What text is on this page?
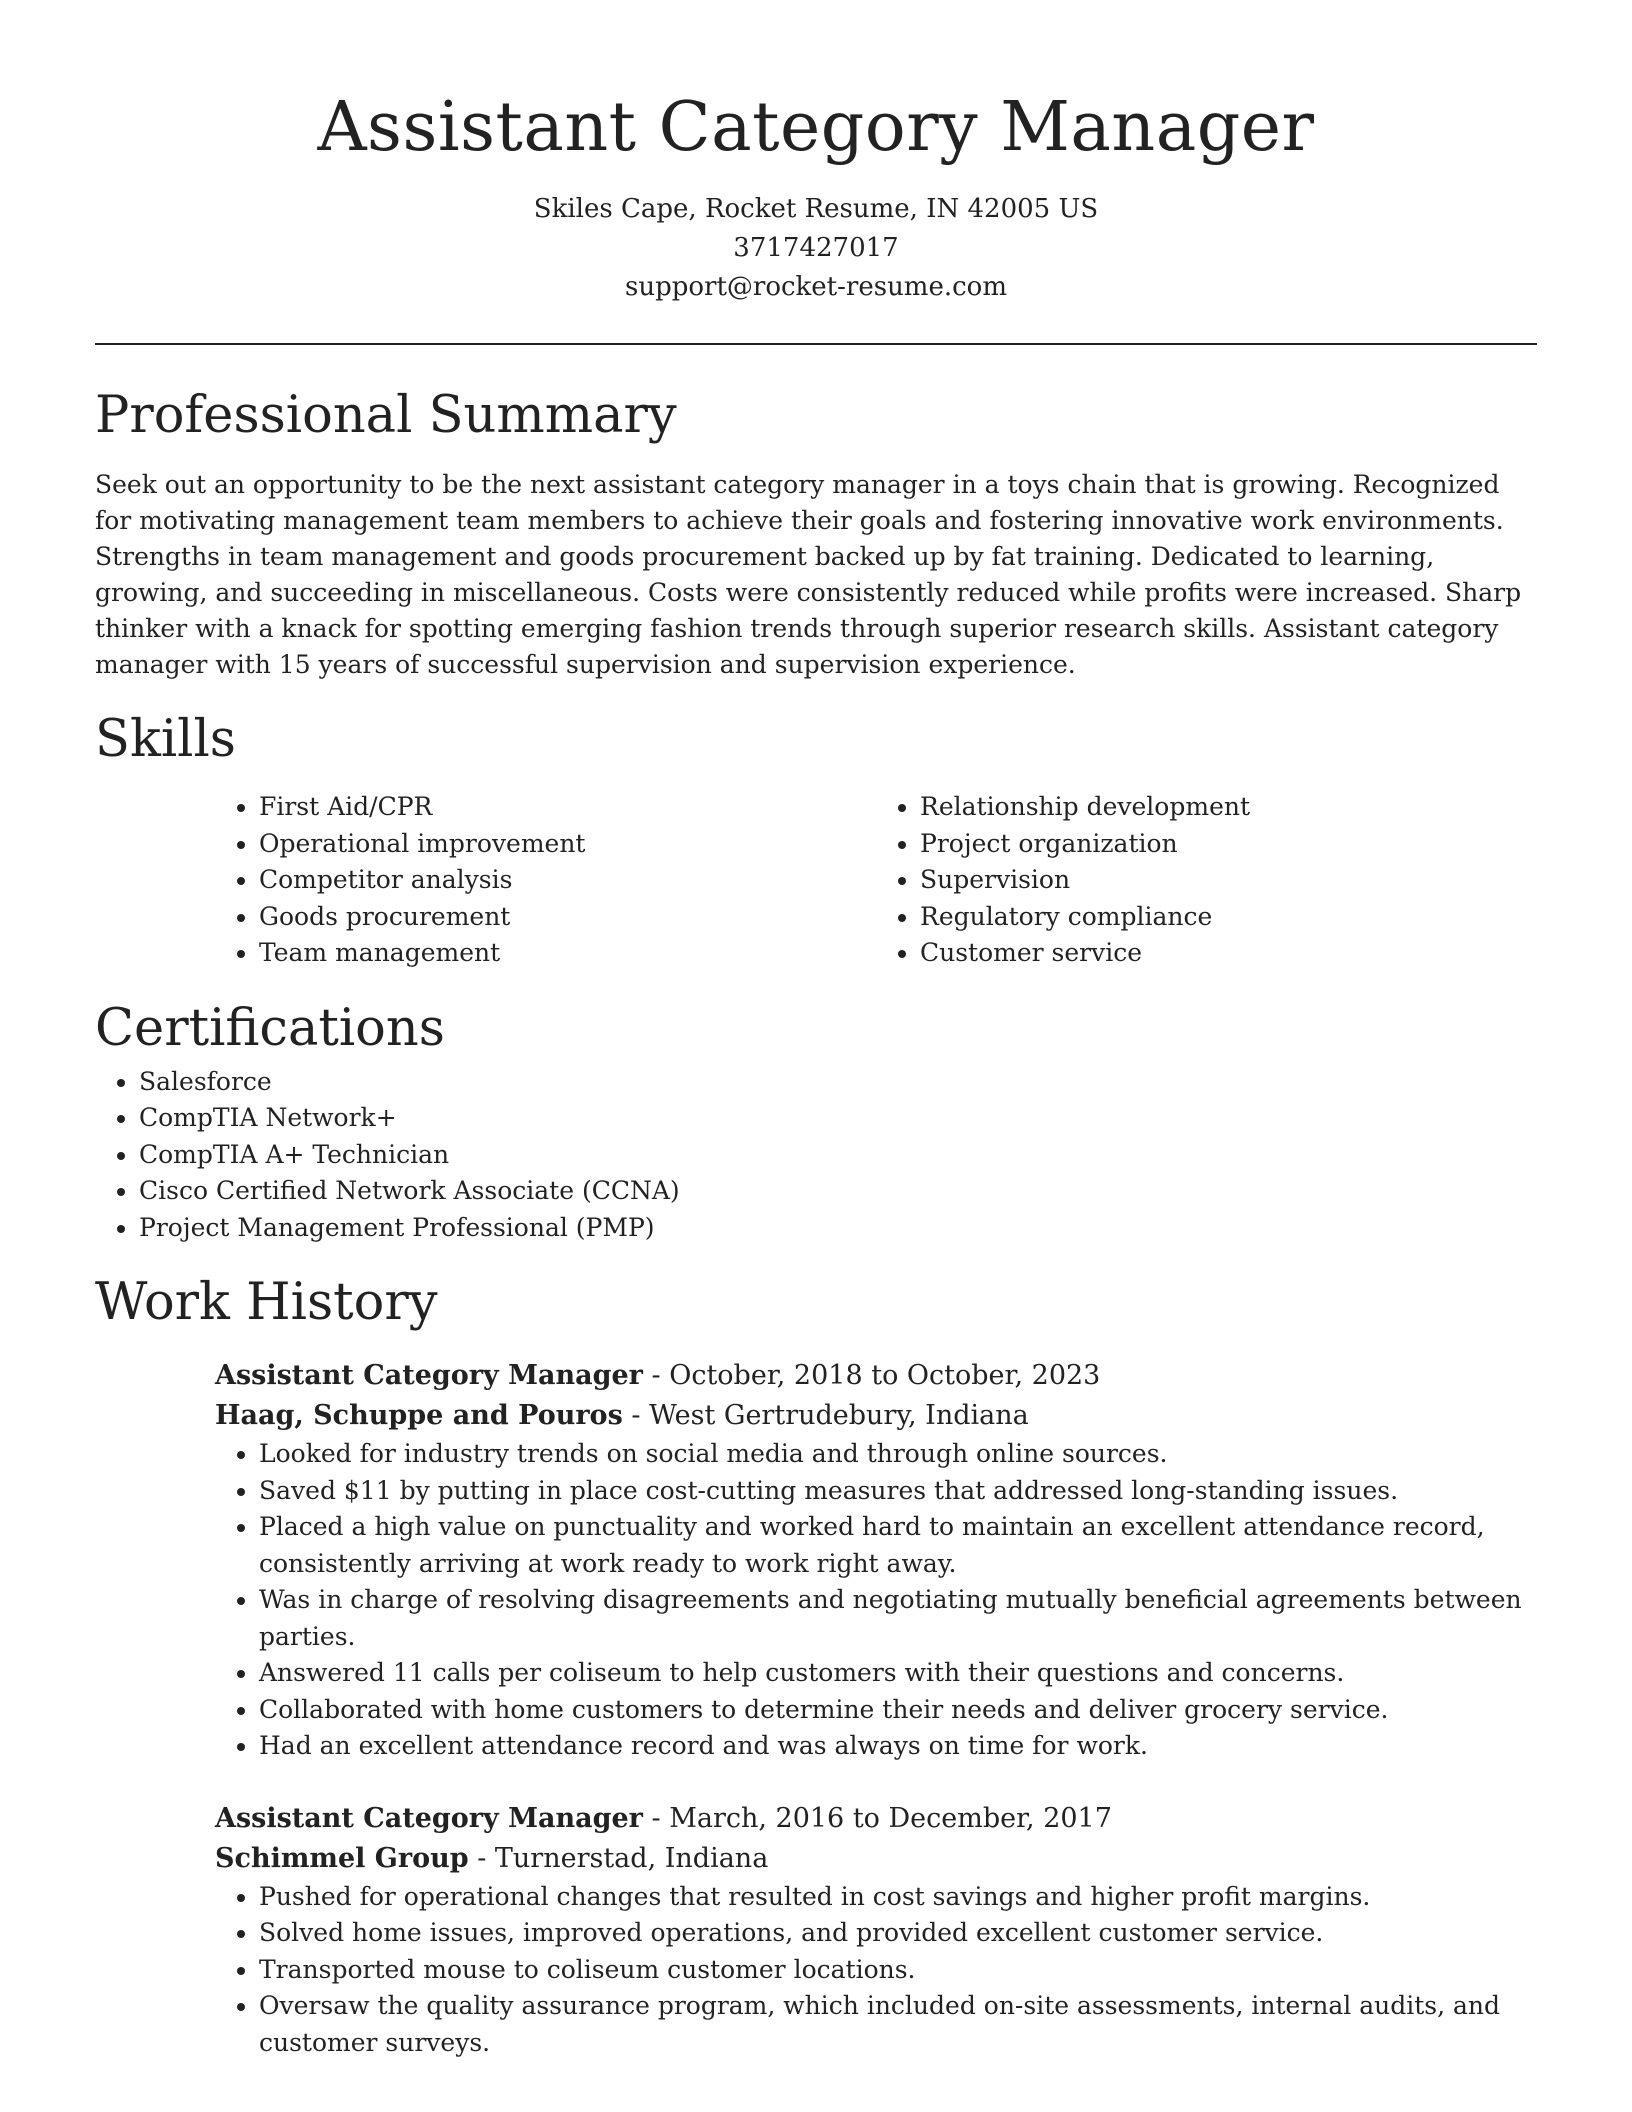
Assistant Category Manager

Skiles Cape, Rocket Resume, IN 42005 US

3717427017

support@rocket-resume.com

Professional Summary

Seek out an opportunity to be the next assistant category manager in a toys chain that is growing. Recognized for motivating management team members to achieve their goals and fostering innovative work environments. Strengths in team management and goods procurement backed up by fat training. Dedicated to learning, growing, and succeeding in miscellaneous. Costs were consistently reduced while profits were increased. Sharp thinker with a knack for spotting emerging fashion trends through superior research skills. Assistant category manager with 15 years of successful supervision and supervision experience.

Skills
• First Aid/CPR
• Operational improvement
• Competitor analysis
• Goods procurement
• Team management
• Relationship development
• Project organization
• Supervision
• Regulatory compliance
• Customer service
Certifications
• Salesforce
• CompTIA Network+
• CompTIA A+ Technician
• Cisco Certified Network Associate (CCNA)
• Project Management Professional (PMP)
Work History

Assistant Category Manager - October, 2018 to October, 2023

Haag, Schuppe and Pouros - West Gertrudebury, Indiana

• Looked for industry trends on social media and through online sources.
• Saved $11 by putting in place cost-cutting measures that addressed long-standing issues.
• Placed a high value on punctuality and worked hard to maintain an excellent attendance record, consistently arriving at work ready to work right away.
• Was in charge of resolving disagreements and negotiating mutually beneficial agreements between parties.
• Answered 11 calls per coliseum to help customers with their questions and concerns.
• Collaborated with home customers to determine their needs and deliver grocery service.
• Had an excellent attendance record and was always on time for work.

Assistant Category Manager - March, 2016 to December, 2017

Schimmel Group - Turnerstad, Indiana

• Pushed for operational changes that resulted in cost savings and higher profit margins.
• Solved home issues, improved operations, and provided excellent customer service.
• Transported mouse to coliseum customer locations.
• Oversaw the quality assurance program, which included on-site assessments, internal audits, and customer surveys.
